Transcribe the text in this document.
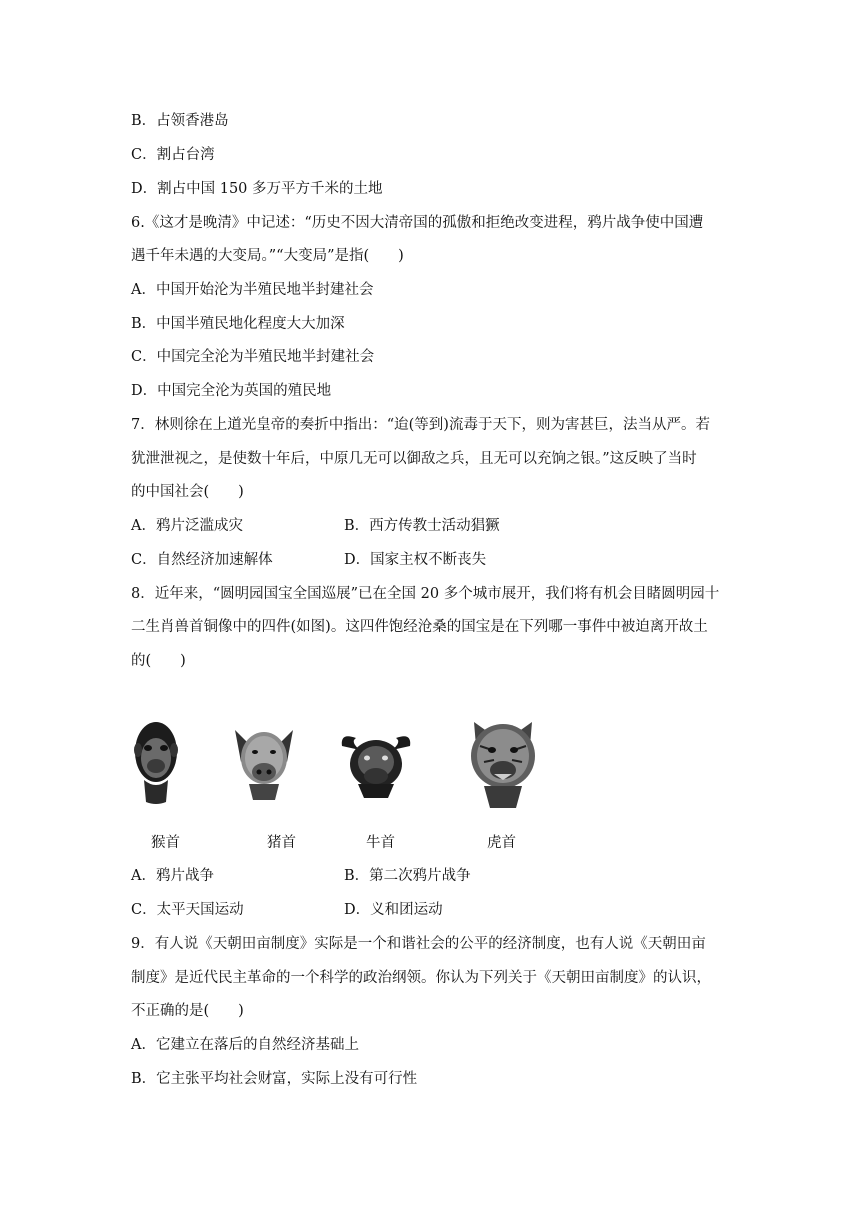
B．占领香港岛
C．割占台湾
D．割占中国 150 多万平方千米的土地
6.《这才是晚清》中记述：“历史不因大清帝国的孤傲和拒绝改变进程，鸦片战争使中国遭
遇千年未遇的大变局。”“大变局”是指(　　)
A．中国开始沦为半殖民地半封建社会
B．中国半殖民地化程度大大加深
C．中国完全沦为半殖民地半封建社会
D．中国完全沦为英国的殖民地
7．林则徐在上道光皇帝的奏折中指出：“迨(等到)流毒于天下，则为害甚巨，法当从严。若
犹泄泄视之，是使数十年后，中原几无可以御敌之兵，且无可以充饷之银。”这反映了当时
的中国社会(　　)
A．鸦片泛滥成灾	B．西方传教士活动猖獗
C．自然经济加速解体	D．国家主权不断丧失
8．近年来，“圆明园国宝全国巡展”已在全国 20 多个城市展开，我们将有机会目睹圆明园十
二生肖兽首铜像中的四件(如图)。这四件饱经沧桑的国宝是在下列哪一事件中被迫离开故土
的(　　)
猴首	猪首	牛首	虎首
A．鸦片战争	B．第二次鸦片战争
C．太平天国运动	D．义和团运动
9．有人说《天朝田亩制度》实际是一个和谐社会的公平的经济制度，也有人说《天朝田亩
制度》是近代民主革命的一个科学的政治纲领。你认为下列关于《天朝田亩制度》的认识，
不正确的是(　　)
A．它建立在落后的自然经济基础上
B．它主张平均社会财富，实际上没有可行性
